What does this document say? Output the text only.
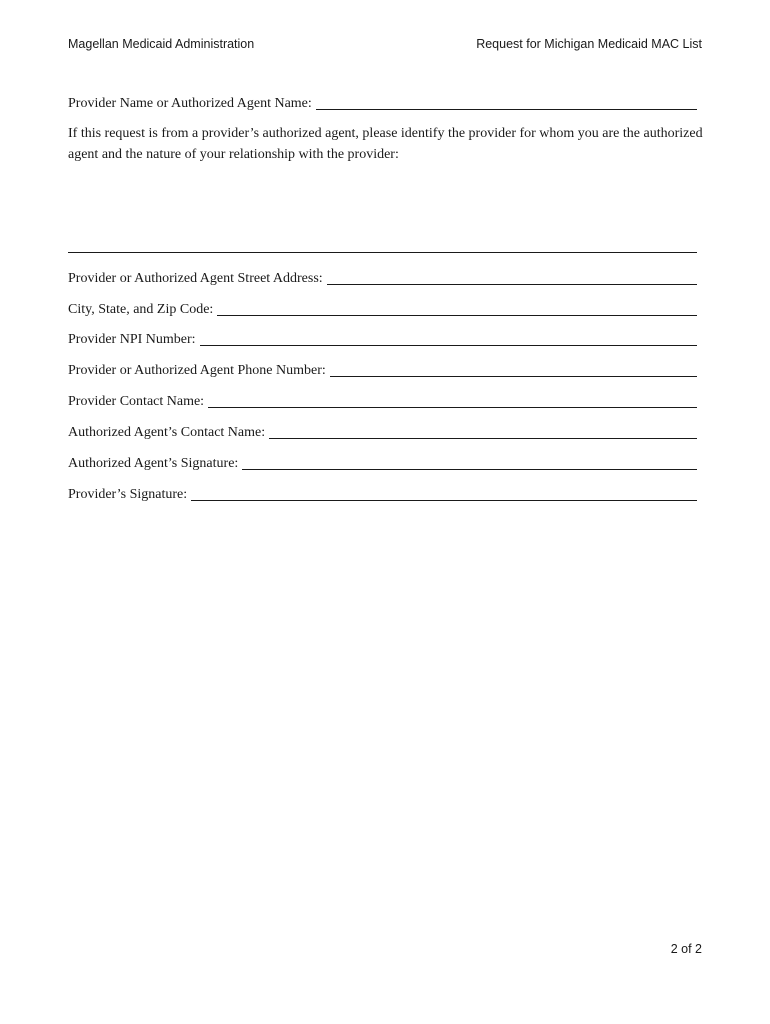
Magellan Medicaid Administration	Request for Michigan Medicaid MAC List
Provider Name or Authorized Agent Name:

If this request is from a provider’s authorized agent, please identify the provider for whom you are the authorized agent and the nature of your relationship with the provider:

Provider or Authorized Agent Street Address:
City, State, and Zip Code:
Provider NPI Number:
Provider or Authorized Agent Phone Number:
Provider Contact Name:
Authorized Agent’s Contact Name:
Authorized Agent’s Signature:
Provider’s Signature:
2 of 2
